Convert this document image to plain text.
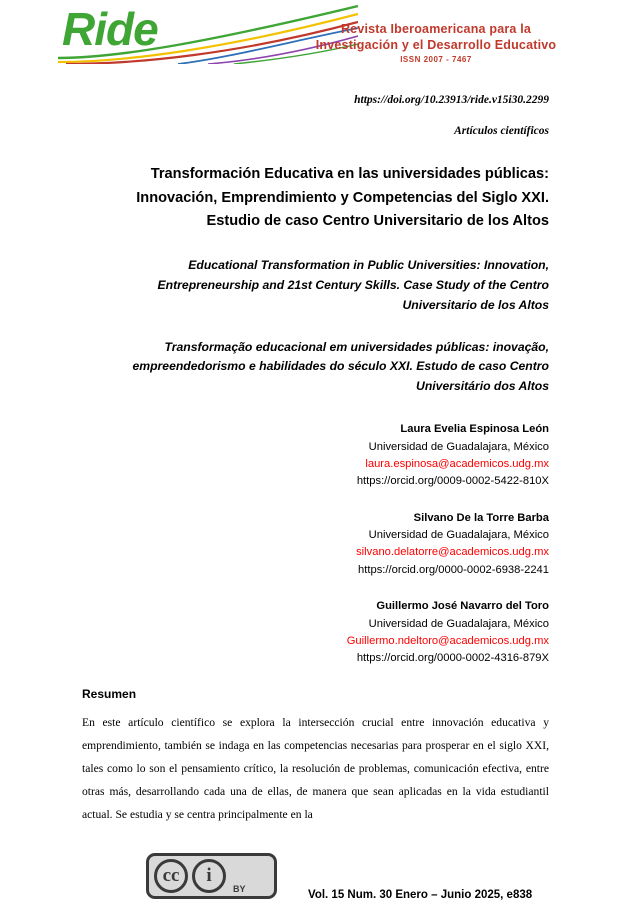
Ride	Revista Iberoamericana para la
Investigación y el Desarrollo Educativo
ISSN 2007 - 7467
https://doi.org/10.23913/ride.v15i30.2299
Artículos científicos
Transformación Educativa en las universidades públicas:
Innovación, Emprendimiento y Competencias del Siglo XXI.
Estudio de caso Centro Universitario de los Altos
Educational Transformation in Public Universities: Innovation,
Entrepreneurship and 21st Century Skills. Case Study of the Centro
Universitario de los Altos
Transformação educacional em universidades públicas: inovação,
empreendedorismo e habilidades do século XXI. Estudo de caso Centro
Universitário dos Altos
Laura Evelia Espinosa León
Universidad de Guadalajara, México
laura.espinosa@academicos.udg.mx
https://orcid.org/0009-0002-5422-810X
Silvano De la Torre Barba
Universidad de Guadalajara, México
silvano.delatorre@academicos.udg.mx
https://orcid.org/0000-0002-6938-2241
Guillermo José Navarro del Toro
Universidad de Guadalajara, México
Guillermo.ndeltoro@academicos.udg.mx
https://orcid.org/0000-0002-4316-879X
Resumen
En este artículo científico se explora la intersección crucial entre innovación educativa y emprendimiento, también se indaga en las competencias necesarias para prosperar en el siglo XXI, tales como lo son el pensamiento crítico, la resolución de problemas, comunicación efectiva, entre otras más, desarrollando cada una de ellas, de manera que sean aplicadas en la vida estudiantil actual. Se estudia y se centra principalmente en la
cc	i
BY	Vol. 15 Num. 30 Enero – Junio 2025, e838
